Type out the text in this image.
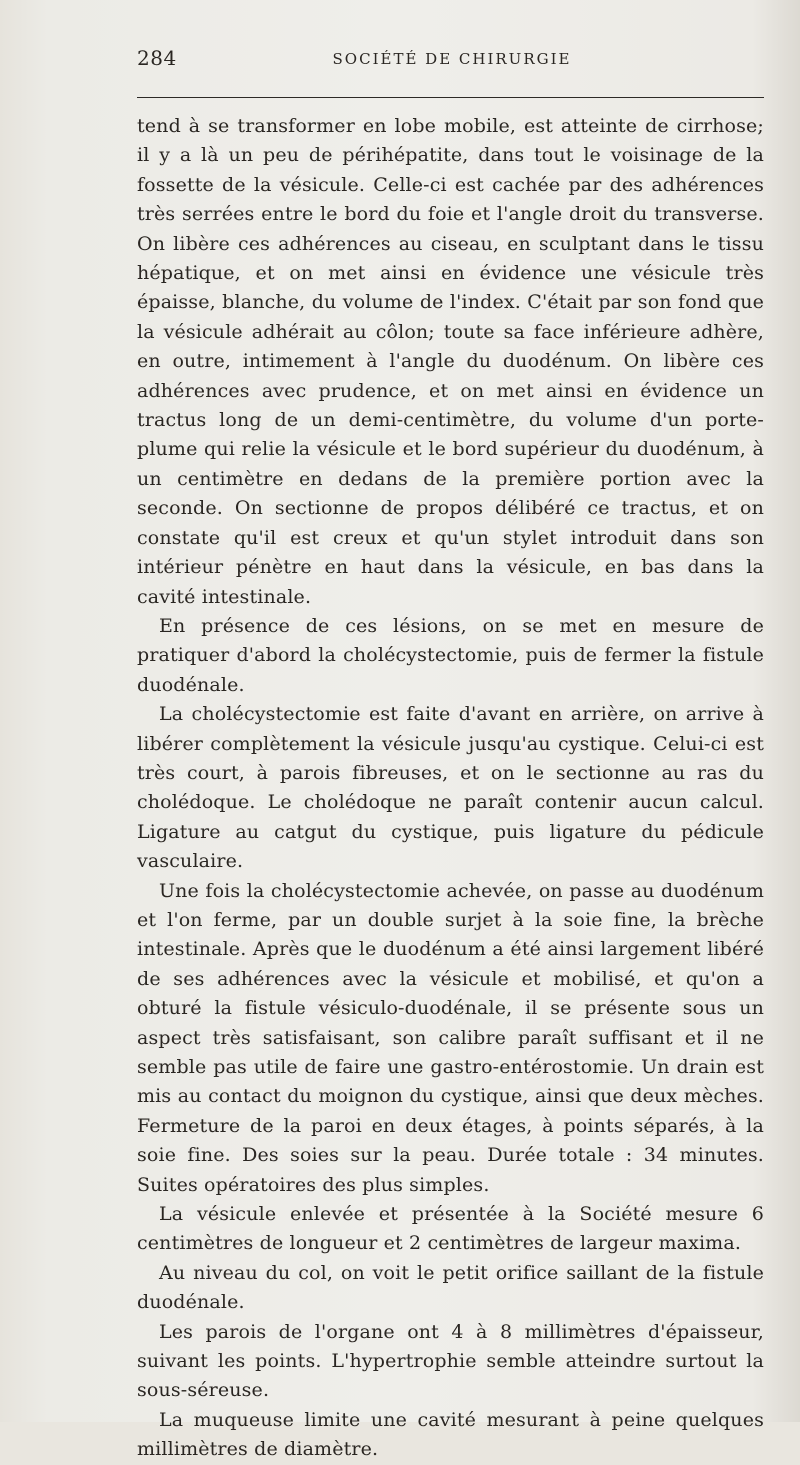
284	SOCIÉTÉ DE CHIRURGIE

tend à se transformer en lobe mobile, est atteinte de cirrhose; il y a là un peu de périhépatite, dans tout le voisinage de la fossette de la vésicule. Celle-ci est cachée par des adhérences très serrées entre le bord du foie et l'angle droit du transverse. On libère ces adhérences au ciseau, en sculptant dans le tissu hépatique, et on met ainsi en évidence une vésicule très épaisse, blanche, du volume de l'index. C'était par son fond que la vésicule adhérait au côlon; toute sa face inférieure adhère, en outre, intimement à l'angle du duodénum. On libère ces adhérences avec prudence, et on met ainsi en évidence un tractus long de un demi-centimètre, du volume d'un porte-plume qui relie la vésicule et le bord supérieur du duodénum, à un centimètre en dedans de la première portion avec la seconde. On sectionne de propos délibéré ce tractus, et on constate qu'il est creux et qu'un stylet introduit dans son intérieur pénètre en haut dans la vésicule, en bas dans la cavité intestinale.

En présence de ces lésions, on se met en mesure de pratiquer d'abord la cholécystectomie, puis de fermer la fistule duodénale.

La cholécystectomie est faite d'avant en arrière, on arrive à libérer complètement la vésicule jusqu'au cystique. Celui-ci est très court, à parois fibreuses, et on le sectionne au ras du cholédoque. Le cholédoque ne paraît contenir aucun calcul. Ligature au catgut du cystique, puis ligature du pédicule vasculaire.

Une fois la cholécystectomie achevée, on passe au duodénum et l'on ferme, par un double surjet à la soie fine, la brèche intestinale. Après que le duodénum a été ainsi largement libéré de ses adhérences avec la vésicule et mobilisé, et qu'on a obturé la fistule vésiculo-duodénale, il se présente sous un aspect très satisfaisant, son calibre paraît suffisant et il ne semble pas utile de faire une gastro-entérostomie. Un drain est mis au contact du moignon du cystique, ainsi que deux mèches. Fermeture de la paroi en deux étages, à points séparés, à la soie fine. Des soies sur la peau. Durée totale : 34 minutes. Suites opératoires des plus simples.

La vésicule enlevée et présentée à la Société mesure 6 centimètres de longueur et 2 centimètres de largeur maxima.

Au niveau du col, on voit le petit orifice saillant de la fistule duodénale.

Les parois de l'organe ont 4 à 8 millimètres d'épaisseur, suivant les points. L'hypertrophie semble atteindre surtout la sous-séreuse.

La muqueuse limite une cavité mesurant à peine quelques millimètres de diamètre.
